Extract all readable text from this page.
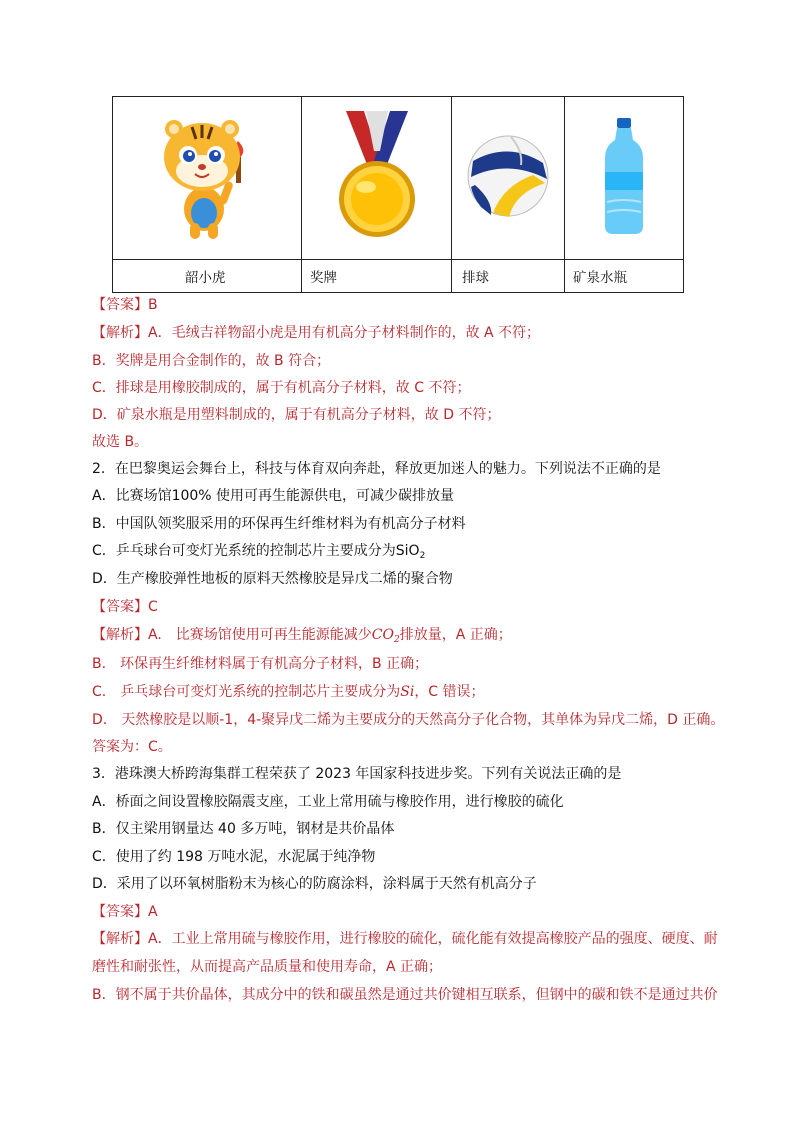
韶小虎	奖牌	排球	矿泉水瓶
【答案】B
【解析】A．毛绒吉祥物韶小虎是用有机高分子材料制作的，故 A 不符；
B．奖牌是用合金制作的，故 B 符合；
C．排球是用橡胶制成的，属于有机高分子材料，故 C 不符；
D．矿泉水瓶是用塑料制成的，属于有机高分子材料，故 D 不符；
故选 B。
2．在巴黎奥运会舞台上，科技与体育双向奔赴，释放更加迷人的魅力。下列说法不正确的是
A．比赛场馆100% 使用可再生能源供电，可减少碳排放量
B．中国队领奖服采用的环保再生纤维材料为有机高分子材料
C．乒乓球台可变灯光系统的控制芯片主要成分为SiO$_2$
D．生产橡胶弹性地板的原料天然橡胶是异戊二烯的聚合物
【答案】C
【解析】A.　比赛场馆使用可再生能源能减少$CO_2$排放量，A 正确；
B.　环保再生纤维材料属于有机高分子材料，B 正确；
C.　乒乓球台可变灯光系统的控制芯片主要成分为Si，C 错误；
D.　天然橡胶是以顺-1，4-聚异戊二烯为主要成分的天然高分子化合物，其单体为异戊二烯，D 正确。
答案为：C。
3．港珠澳大桥跨海集群工程荣获了 2023 年国家科技进步奖。下列有关说法正确的是
A．桥面之间设置橡胶隔震支座，工业上常用硫与橡胶作用，进行橡胶的硫化
B．仅主梁用钢量达 40 多万吨，钢材是共价晶体
C．使用了约 198 万吨水泥，水泥属于纯净物
D．采用了以环氧树脂粉末为核心的防腐涂料，涂料属于天然有机高分子
【答案】A
【解析】A．工业上常用硫与橡胶作用，进行橡胶的硫化，硫化能有效提高橡胶产品的强度、硬度、耐
磨性和耐张性，从而提高产品质量和使用寿命，A 正确；
B．钢不属于共价晶体，其成分中的铁和碳虽然是通过共价键相互联系，但钢中的碳和铁不是通过共价
